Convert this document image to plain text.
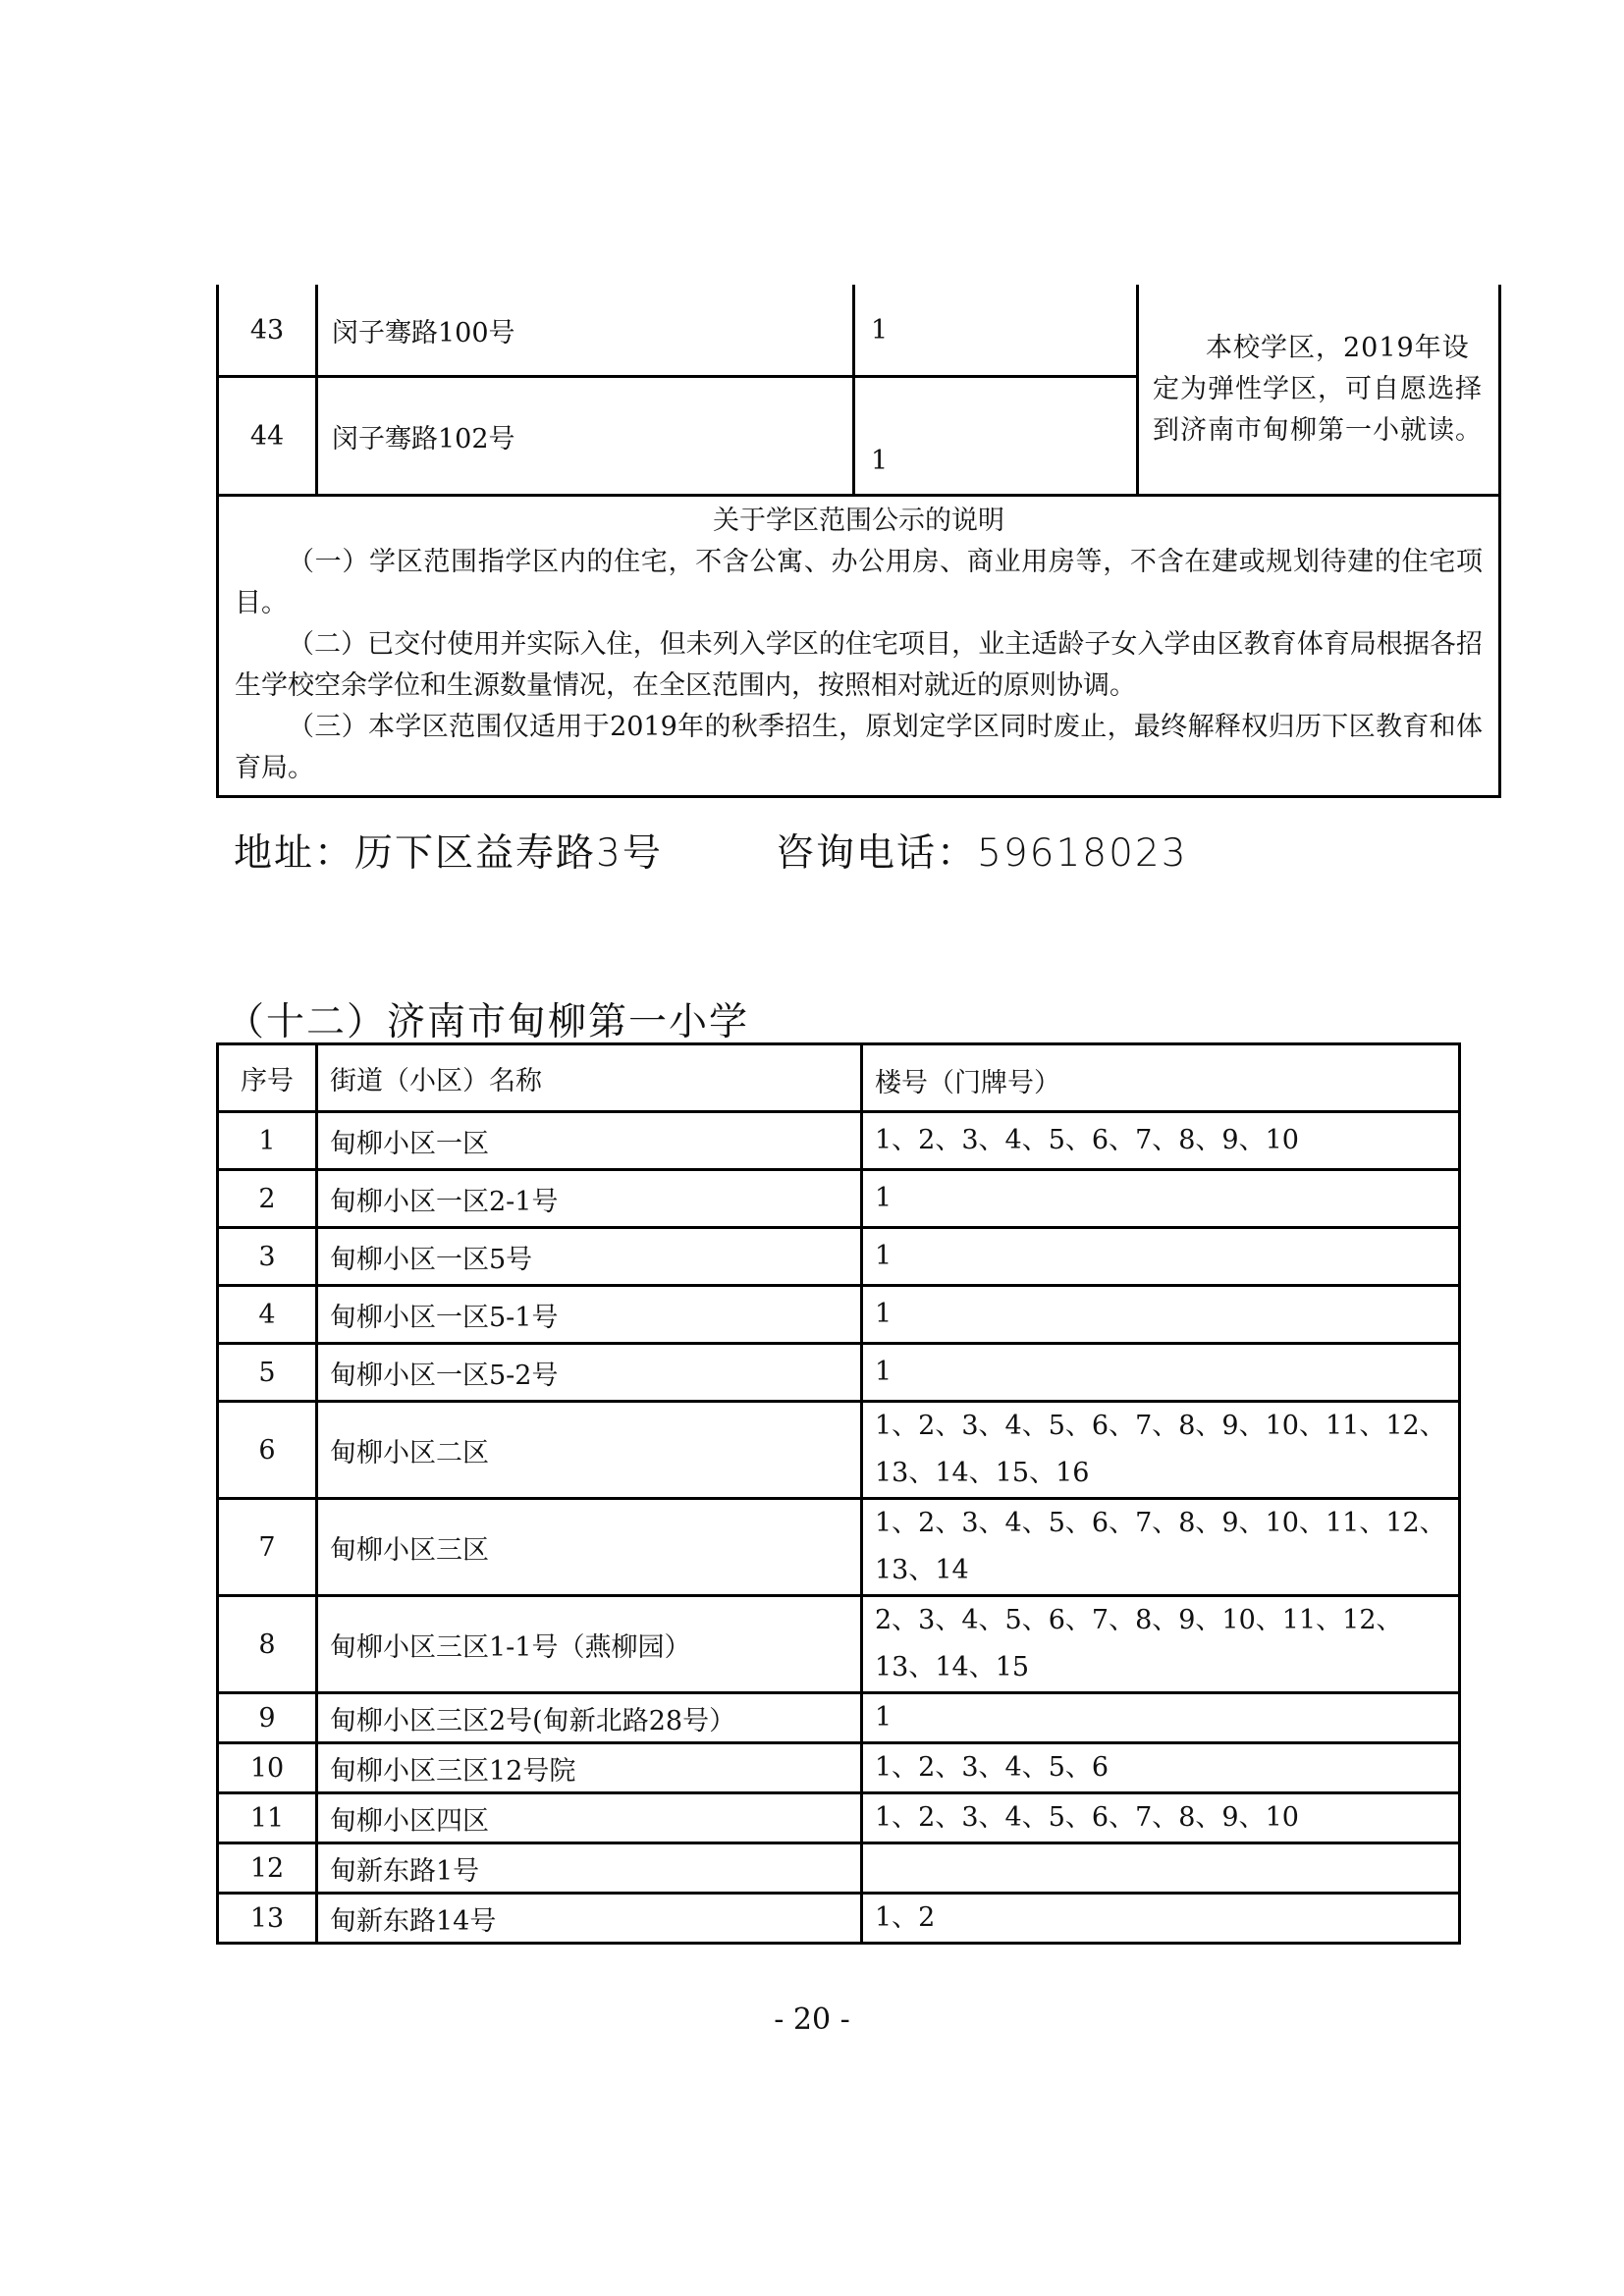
43	闵子骞路100号	1	本校学区，2019年设定为弹性学区，可自愿选择到济南市甸柳第一小就读。

44	闵子骞路102号	1	

关于学区范围公示的说明
（一）学区范围指学区内的住宅，不含公寓、办公用房、商业用房等，不含在建或规划待建的住宅项目。
（二）已交付使用并实际入住，但未列入学区的住宅项目，业主适龄子女入学由区教育体育局根据各招生学校空余学位和生源数量情况，在全区范围内，按照相对就近的原则协调。
（三）本学区范围仅适用于2019年的秋季招生，原划定学区同时废止，最终解释权归历下区教育和体育局。			
地址：历下区益寿路3号	咨询电话：59618023
（十二）济南市甸柳第一小学
序号	街道（小区）名称	楼号（门牌号）
1	甸柳小区一区	1、2、3、4、5、6、7、8、9、10
2	甸柳小区一区2-1号	1
3	甸柳小区一区5号	1
4	甸柳小区一区5-1号	1
5	甸柳小区一区5-2号	1
6	甸柳小区二区	1、2、3、4、5、6、7、8、9、10、11、12、13、14、15、16
7	甸柳小区三区	1、2、3、4、5、6、7、8、9、10、11、12、13、14
8	甸柳小区三区1-1号（燕柳园）	2、3、4、5、6、7、8、9、10、11、12、13、14、15
9	甸柳小区三区2号(甸新北路28号）	1
10	甸柳小区三区12号院	1、2、3、4、5、6
11	甸柳小区四区	1、2、3、4、5、6、7、8、9、10
12	甸新东路1号	
13	甸新东路14号	1、2
- 20 -
